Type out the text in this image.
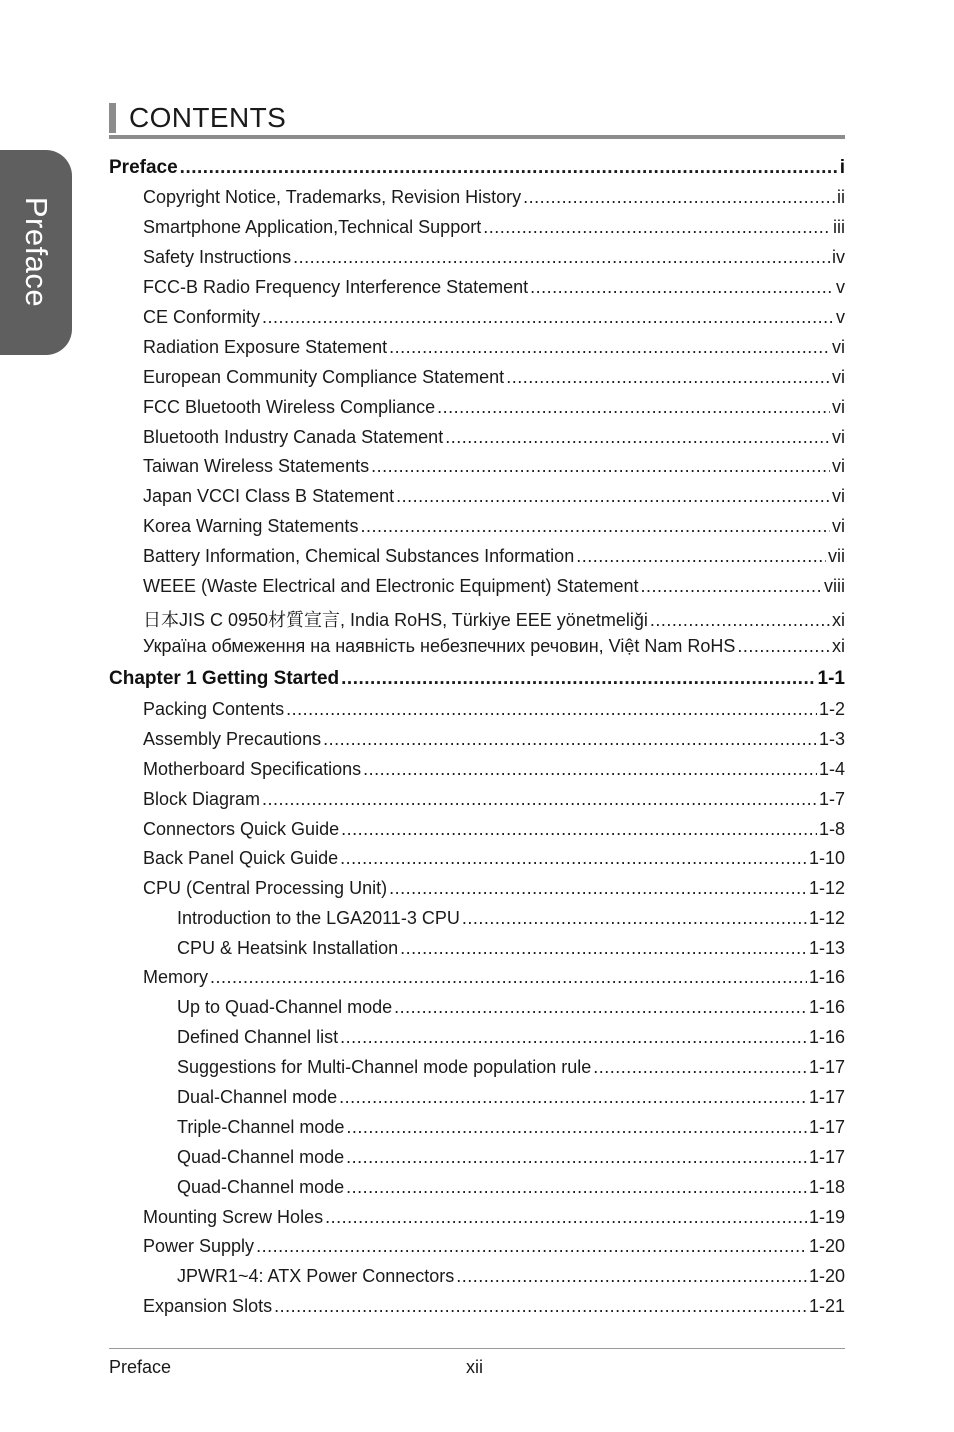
Preface
CONTENTS
Preface .....	i
Copyright Notice, Trademarks, Revision History .....	ii
Smartphone Application,Technical Support .....	iii
Safety Instructions .....	iv
FCC-B Radio Frequency Interference Statement .....	v
CE Conformity .....	v
Radiation Exposure Statement .....	vi
European Community Compliance Statement .....	vi
FCC Bluetooth Wireless Compliance .....	vi
Bluetooth Industry Canada Statement .....	vi
Taiwan Wireless Statements .....	vi
Japan VCCI Class B Statement .....	vi
Korea Warning Statements .....	vi
Battery Information, Chemical Substances Information .....	vii
WEEE (Waste Electrical and Electronic Equipment) Statement .....	viii
日本JIS C 0950材質宣言, India RoHS, Türkiye EEE yönetmeliği .....	xi
Україна обмеження на наявність небезпечних речовин, Việt Nam RoHS .....	xi
Chapter 1 Getting Started .....	1-1
Packing Contents .....	1-2
Assembly Precautions .....	1-3
Motherboard Specifications .....	1-4
Block Diagram .....	1-7
Connectors Quick Guide .....	1-8
Back Panel Quick Guide .....	1-10
CPU (Central Processing Unit) .....	1-12
Introduction to the LGA2011-3 CPU .....	1-12
CPU & Heatsink Installation .....	1-13
Memory .....	1-16
Up to Quad-Channel mode .....	1-16
Defined Channel list .....	1-16
Suggestions for Multi-Channel mode population rule .....	1-17
Dual-Channel mode .....	1-17
Triple-Channel mode .....	1-17
Quad-Channel mode .....	1-17
Quad-Channel mode .....	1-18
Mounting Screw Holes .....	1-19
Power Supply .....	1-20
JPWR1~4: ATX Power Connectors .....	1-20
Expansion Slots .....	1-21
Preface	xii
